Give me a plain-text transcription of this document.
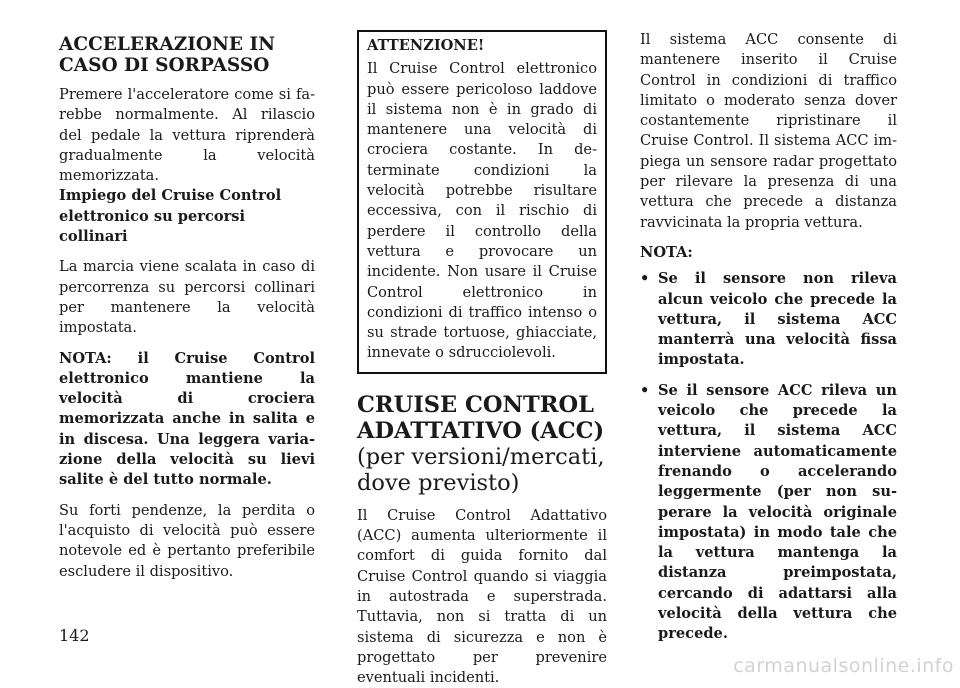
ACCELERAZIONE IN CASO DI SORPASSO

Premere l'acceleratore come si farebbe normalmente. Al rilascio del pedale la vettura riprenderà gradualmente la velocità memorizzata.

Impiego del Cruise Control elettronico su percorsi collinari

La marcia viene scalata in caso di percorrenza su percorsi collinari per mantenere la velocità impostata.

NOTA: il Cruise Control elettronico mantiene la velocità di crociera memorizzata anche in salita e in discesa. Una leggera variazione della velocità su lievi salite è del tutto normale.

Su forti pendenze, la perdita o l'acquisto di velocità può essere notevole ed è pertanto preferibile escludere il dispositivo.

ATTENZIONE!

Il Cruise Control elettronico può essere pericoloso laddove il sistema non è in grado di mantenere una velocità di crociera costante. In determinate condizioni la velocità potrebbe risultare eccessiva, con il rischio di perdere il controllo della vettura e provocare un incidente. Non usare il Cruise Control elettronico in condizioni di traffico intenso o su strade tortuose, ghiacciate, innevate o sdrucciolevoli.

CRUISE CONTROL ADATTATIVO (ACC) (per versioni/mercati, dove previsto)

Il Cruise Control Adattativo (ACC) aumenta ulteriormente il comfort di guida fornito dal Cruise Control quando si viaggia in autostrada e superstrada. Tuttavia, non si tratta di un sistema di sicurezza e non è progettato per prevenire eventuali incidenti.

Il sistema ACC consente di mantenere inserito il Cruise Control in condizioni di traffico limitato o moderato senza dover costantemente ripristinare il Cruise Control. Il sistema ACC impiega un sensore radar progettato per rilevare la presenza di una vettura che precede a distanza ravvicinata la propria vettura.

NOTA:

• Se il sensore non rileva alcun veicolo che precede la vettura, il sistema ACC manterrà una velocità fissa impostata.
• Se il sensore ACC rileva un veicolo che precede la vettura, il sistema ACC interviene automaticamente frenando o accelerando leggermente (per non superare la velocità originale impostata) in modo tale che la vettura mantenga la distanza preimpostata, cercando di adattarsi alla velocità della vettura che precede.

142

carmanualsonline.info
